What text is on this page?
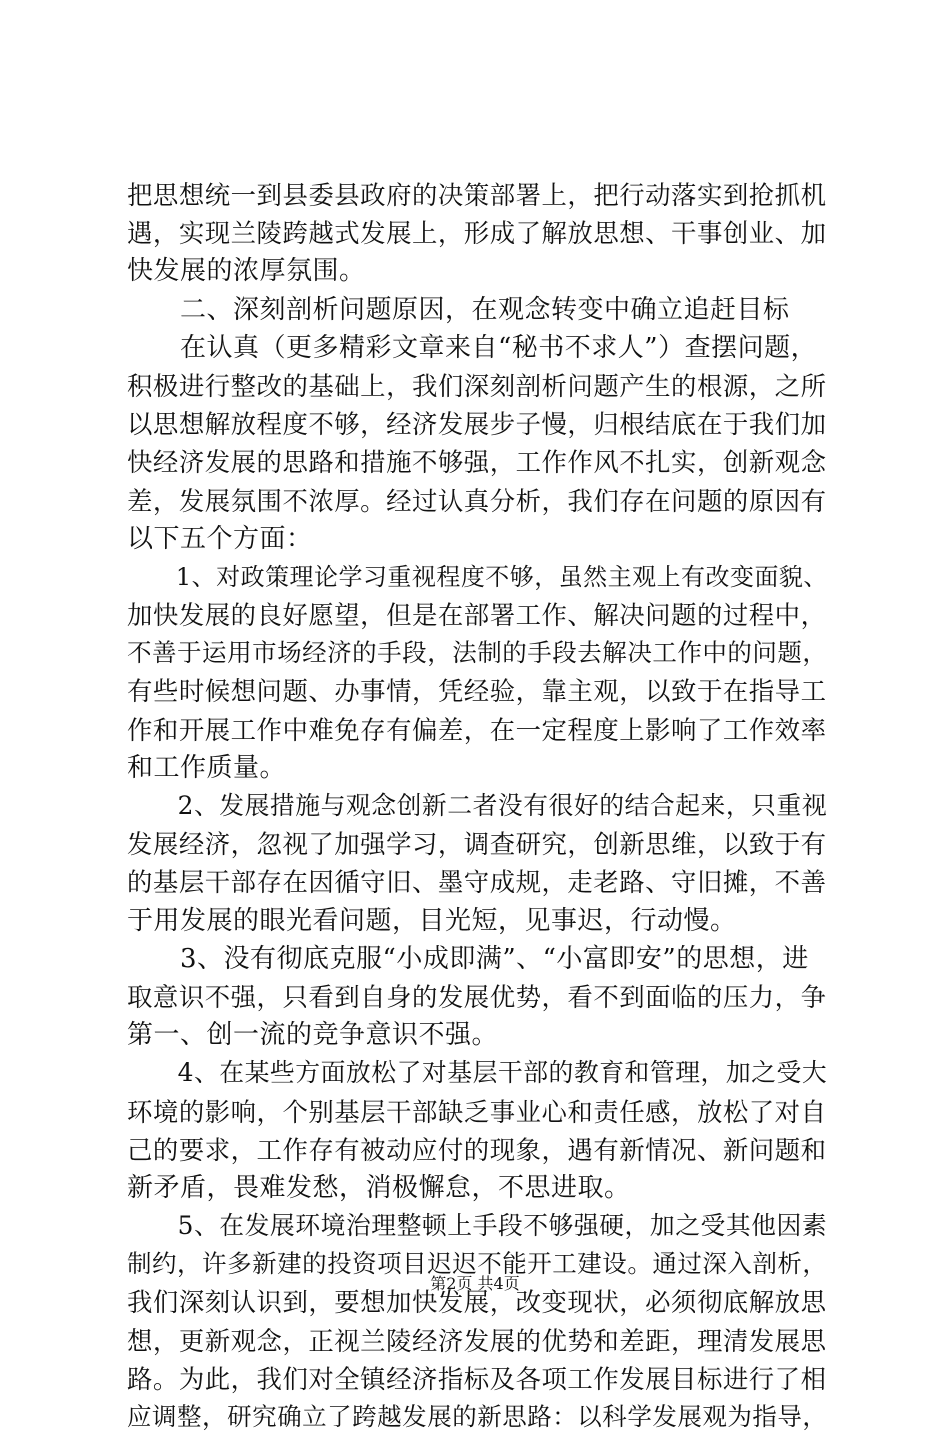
把思想统一到县委县政府的决策部署上，把行动落实到抢抓机
遇，实现兰陵跨越式发展上，形成了解放思想、干事创业、加
快发展的浓厚氛围。
　　二、深刻剖析问题原因，在观念转变中确立追赶目标
　　在认真（更多精彩文章来自“秘书不求人”）查摆问题，
积极进行整改的基础上，我们深刻剖析问题产生的根源，之所
以思想解放程度不够，经济发展步子慢，归根结底在于我们加
快经济发展的思路和措施不够强，工作作风不扎实，创新观念
差，发展氛围不浓厚。经过认真分析，我们存在问题的原因有
以下五个方面：
　　1、对政策理论学习重视程度不够，虽然主观上有改变面貌、
加快发展的良好愿望，但是在部署工作、解决问题的过程中，
不善于运用市场经济的手段，法制的手段去解决工作中的问题，
有些时候想问题、办事情，凭经验，靠主观，以致于在指导工
作和开展工作中难免存有偏差，在一定程度上影响了工作效率
和工作质量。
　　2、发展措施与观念创新二者没有很好的结合起来，只重视
发展经济，忽视了加强学习，调查研究，创新思维，以致于有
的基层干部存在因循守旧、墨守成规，走老路、守旧摊，不善
于用发展的眼光看问题，目光短，见事迟，行动慢。
　　3、没有彻底克服“小成即满”、“小富即安”的思想，进
取意识不强，只看到自身的发展优势，看不到面临的压力，争
第一、创一流的竞争意识不强。
　　4、在某些方面放松了对基层干部的教育和管理，加之受大
环境的影响，个别基层干部缺乏事业心和责任感，放松了对自
己的要求，工作存有被动应付的现象，遇有新情况、新问题和
新矛盾，畏难发愁，消极懈怠，不思进取。
　　5、在发展环境治理整顿上手段不够强硬，加之受其他因素
制约，许多新建的投资项目迟迟不能开工建设。通过深入剖析，
我们深刻认识到，要想加快发展，改变现状，必须彻底解放思
想，更新观念，正视兰陵经济发展的优势和差距，理清发展思
路。为此，我们对全镇经济指标及各项工作发展目标进行了相
应调整，研究确立了跨越发展的新思路：以科学发展观为指导，
第2页 共4页
